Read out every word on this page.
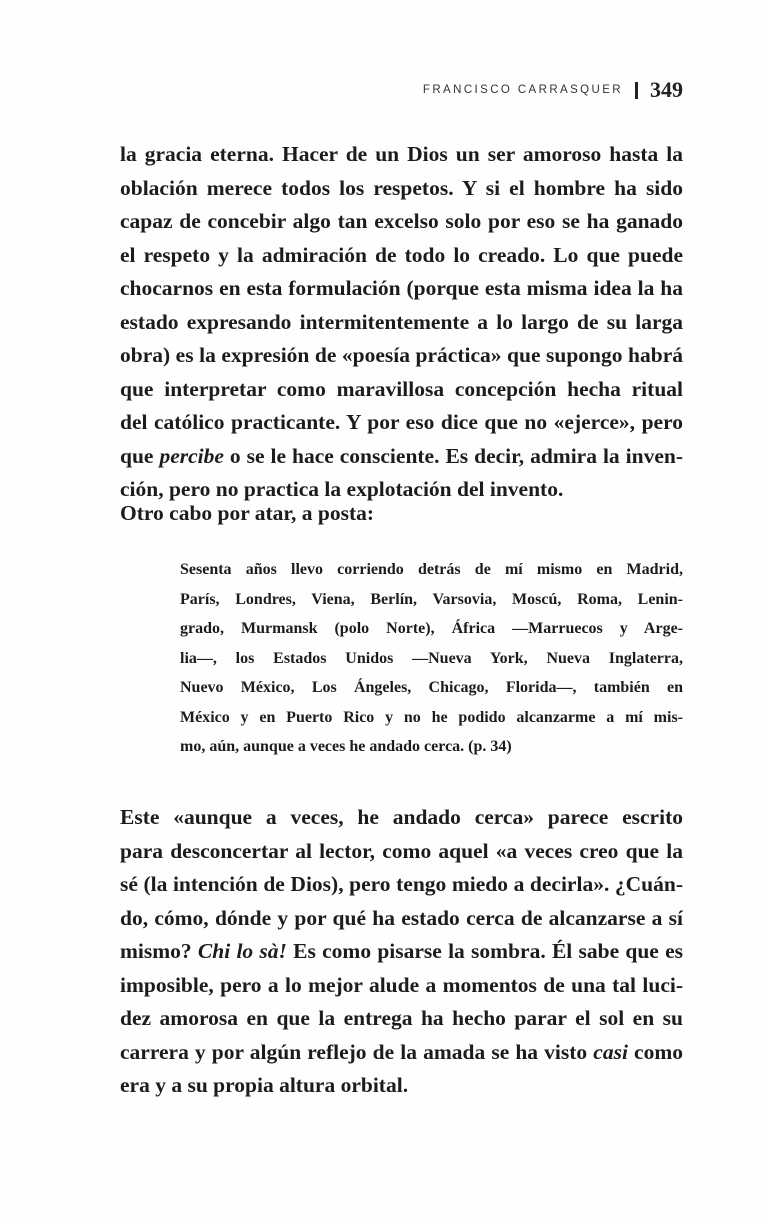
FRANCISCO CARRASQUER 349

la gracia eterna. Hacer de un Dios un ser amoroso hasta la
oblación merece todos los respetos. Y si el hombre ha sido
capaz de concebir algo tan excelso solo por eso se ha ganado
el respeto y la admiración de todo lo creado. Lo que puede
chocarnos en esta formulación (porque esta misma idea la ha
estado expresando intermitentemente a lo largo de su larga
obra) es la expresión de «poesía práctica» que supongo habrá
que interpretar como maravillosa concepción hecha ritual
del católico practicante. Y por eso dice que no «ejerce», pero
que percibe o se le hace consciente. Es decir, admira la inven-
ción, pero no practica la explotación del invento.

Otro cabo por atar, a posta:

Sesenta años llevo corriendo detrás de mí mismo en Madrid,
París, Londres, Viena, Berlín, Varsovia, Moscú, Roma, Lenin-
grado, Murmansk (polo Norte), África —Marruecos y Arge-
lia—, los Estados Unidos —Nueva York, Nueva Inglaterra,
Nuevo México, Los Ángeles, Chicago, Florida—, también en
México y en Puerto Rico y no he podido alcanzarme a mí mis-
mo, aún, aunque a veces he andado cerca. (p. 34)

Este «aunque a veces, he andado cerca» parece escrito
para desconcertar al lector, como aquel «a veces creo que la
sé (la intención de Dios), pero tengo miedo a decirla». ¿Cuán-
do, cómo, dónde y por qué ha estado cerca de alcanzarse a sí
mismo? Chi lo sà! Es como pisarse la sombra. Él sabe que es
imposible, pero a lo mejor alude a momentos de una tal luci-
dez amorosa en que la entrega ha hecho parar el sol en su
carrera y por algún reflejo de la amada se ha visto casi como
era y a su propia altura orbital.
